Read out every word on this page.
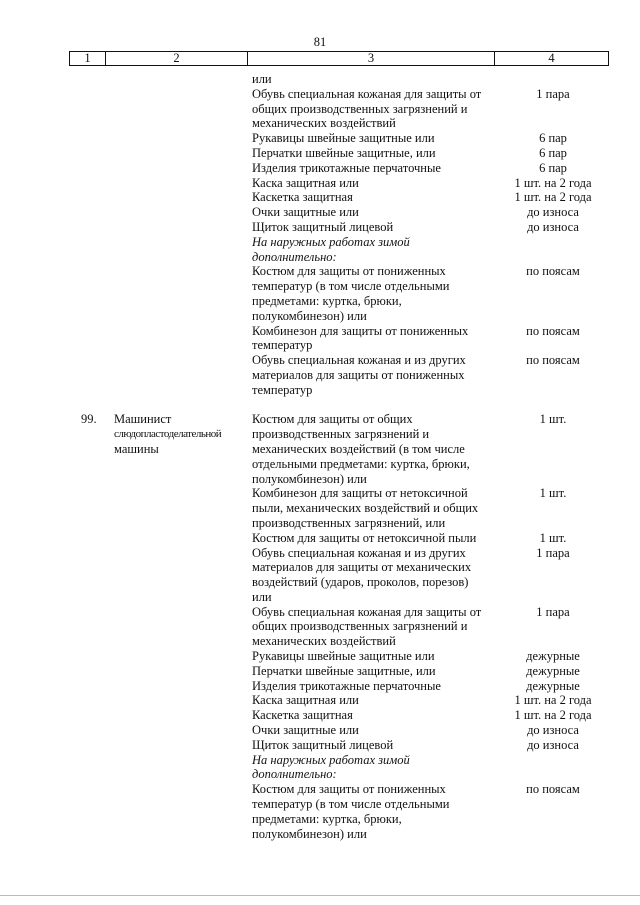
81
1	2	3	4
или
Обувь специальная кожаная для защиты от	1 пара
общих производственных загрязнений и
механических воздействий
Рукавицы швейные защитные или	6 пар
Перчатки швейные защитные, или	6 пар
Изделия трикотажные перчаточные	6 пар
Каска защитная или	1 шт. на 2 года
Каскетка защитная	1 шт. на 2 года
Очки защитные или	до износа
Щиток защитный лицевой	до износа
На наружных работах зимой
дополнительно:
Костюм для защиты от пониженных	по поясам
температур (в том числе отдельными
предметами: куртка, брюки,
полукомбинезон) или
Комбинезон для защиты от пониженных	по поясам
температур
Обувь специальная кожаная и из других	по поясам
материалов для защиты от пониженных
температур
99.	Машинист	Костюм для защиты от общих	1 шт.
слюдопластоделательной	производственных загрязнений и
машины	механических воздействий (в том числе
отдельными предметами: куртка, брюки,
полукомбинезон) или
Комбинезон для защиты от нетоксичной	1 шт.
пыли, механических воздействий и общих
производственных загрязнений, или
Костюм для защиты от нетоксичной пыли	1 шт.
Обувь специальная кожаная и из других	1 пара
материалов для защиты от механических
воздействий (ударов, проколов, порезов)
или
Обувь специальная кожаная для защиты от	1 пара
общих производственных загрязнений и
механических воздействий
Рукавицы швейные защитные или	дежурные
Перчатки швейные защитные, или	дежурные
Изделия трикотажные перчаточные	дежурные
Каска защитная или	1 шт. на 2 года
Каскетка защитная	1 шт. на 2 года
Очки защитные или	до износа
Щиток защитный лицевой	до износа
На наружных работах зимой
дополнительно:
Костюм для защиты от пониженных	по поясам
температур (в том числе отдельными
предметами: куртка, брюки,
полукомбинезон) или
